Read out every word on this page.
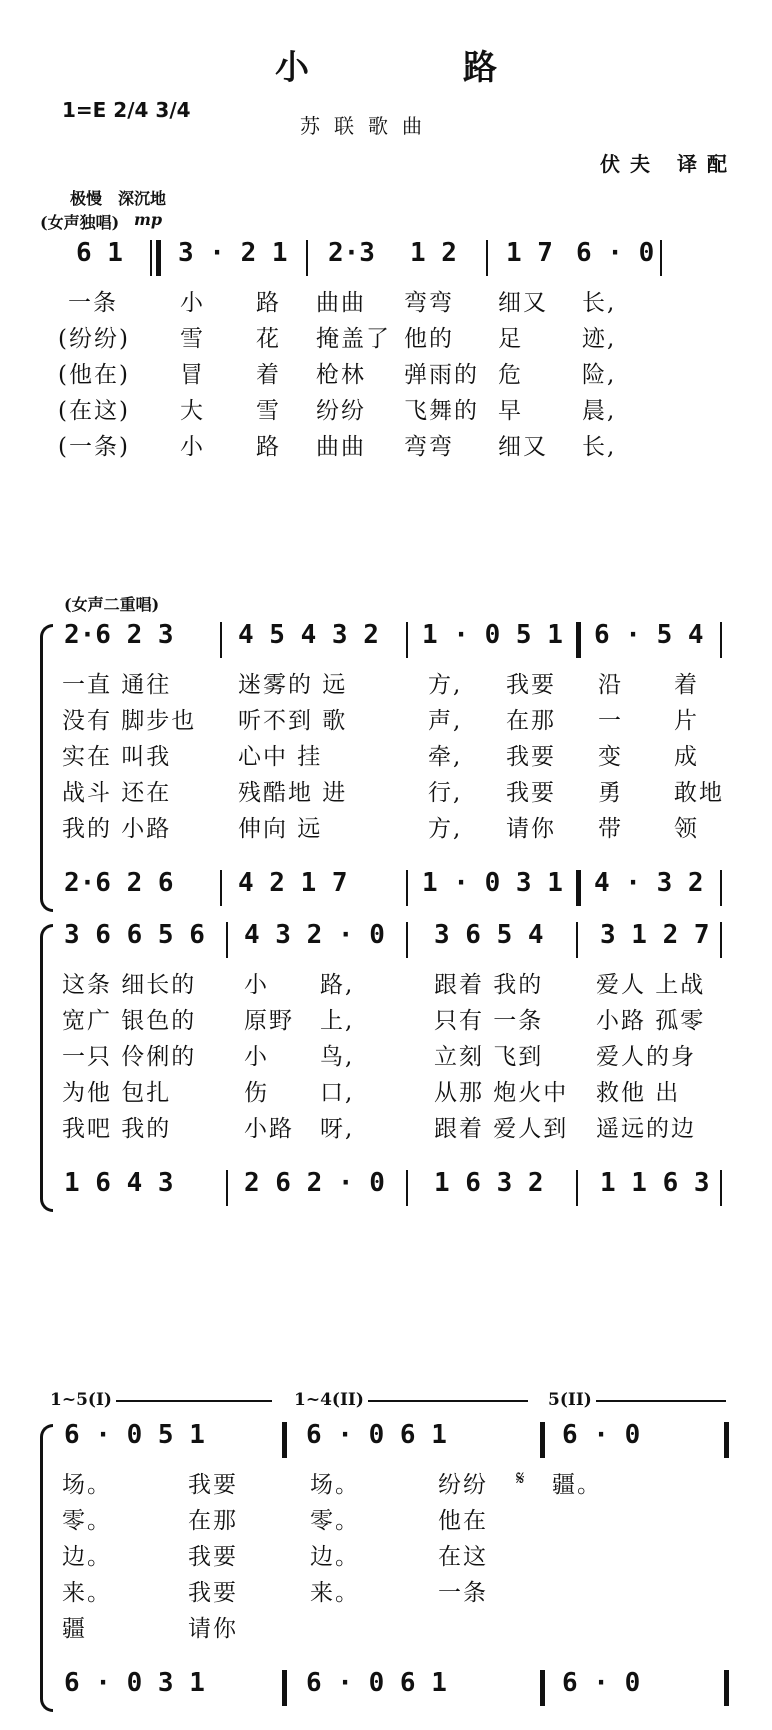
小　路
1=E 2/4 3/4
苏联歌曲
伏夫 译配
极慢　深沉地
(女声独唱) mp
6 1 3 · 2 1 2·3 1 2 1 7 6 · 0
一条	小 路 曲曲 弯弯 细又 长,
(纷纷) 雪 花 掩盖了 他的 足	迹,
(他在) 冒 着 枪林 弹雨的 危	险,
(在这) 大 雪 纷纷 飞舞的 早	晨,
(一条) 小 路 曲曲 弯弯 细又 长,
(女声二重唱)
2·6 2 3 4 5 4 3 2 1 · 0 5 1 6 · 5 4
一直 通往	迷雾的 远	方, 我要 沿 着
没有 脚步也 听不到 歌	声, 在那 一 片
实在 叫我	心中 挂	牵, 我要 变 成
战斗 还在	残酷地 进	行, 我要 勇 敢地
我的 小路	伸向 远	方, 请你 带 领
2·6 2 6 4 2 1 7	1 · 0 3 1 4 · 3 2
3 6 6 5 6 4 3 2 · 0 3 6 5 4 3 1 2 7
这条 细长的 小 路,	跟着 我的 爱人 上战
宽广 银色的 原野 上,	只有 一条 小路 孤零
一只 伶俐的 小 鸟,	立刻 飞到 爱人的身
为他 包扎	伤 口,	从那 炮火中 救他 出
我吧 我的	小路 呀,	跟着 爱人到 遥远的边
1 6 4 3	2 6 2 · 0 1 6 3 2 1 1 6 3
1~5(I)	1~4(II)	5(II)
6 · 0 5 1	6 · 0 6 1	6 · 0
场。	我要	场。	纷纷 𝄋 疆。
零。	在那	零。	他在
边。	我要	边。	在这
来。	我要	来。	一条
疆	请你
6 · 0 3 1	6 · 0 6 1	6 · 0
